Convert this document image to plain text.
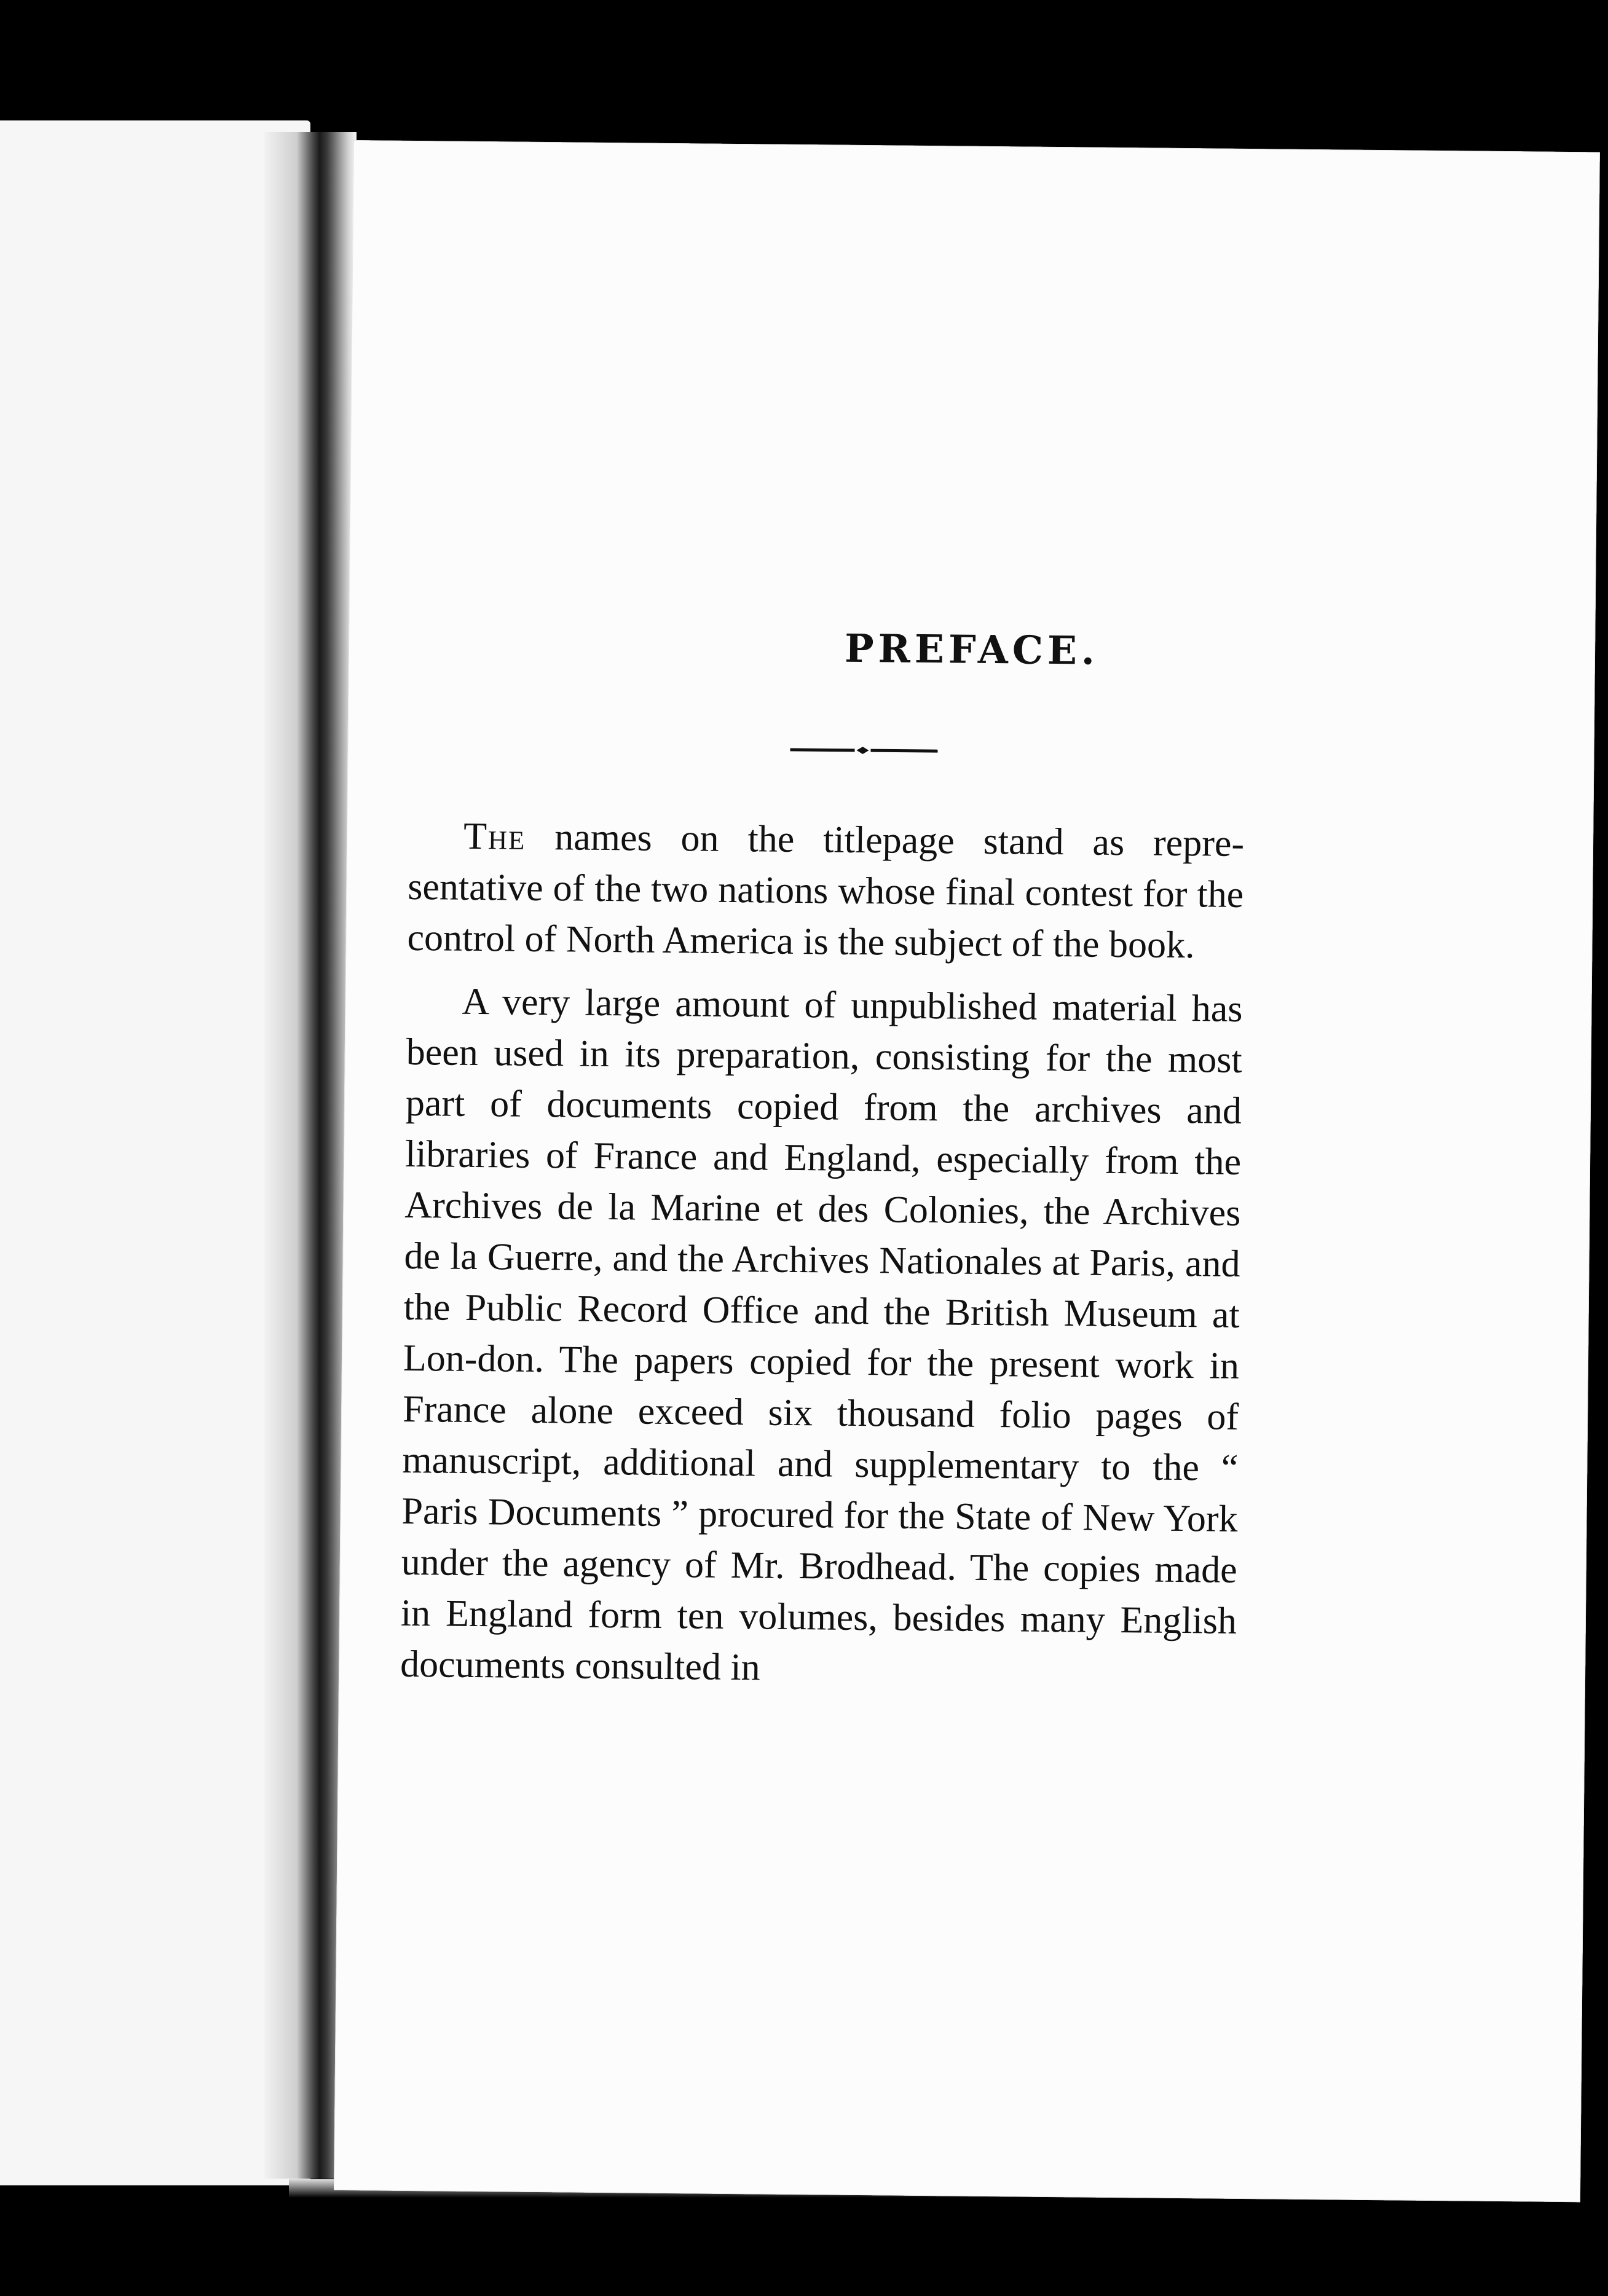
PREFACE.

The names on the titlepage stand as repre-sentative of the two nations whose final contest for the control of North America is the subject of the book.

A very large amount of unpublished material has been used in its preparation, consisting for the most part of documents copied from the archives and libraries of France and England, especially from the Archives de la Marine et des Colonies, the Archives de la Guerre, and the Archives Nationales at Paris, and the Public Record Office and the British Museum at Lon-don. The papers copied for the present work in France alone exceed six thousand folio pages of manuscript, additional and supplementary to the “ Paris Documents ” procured for the State of New York under the agency of Mr. Brodhead. The copies made in England form ten volumes, besides many English documents consulted in
